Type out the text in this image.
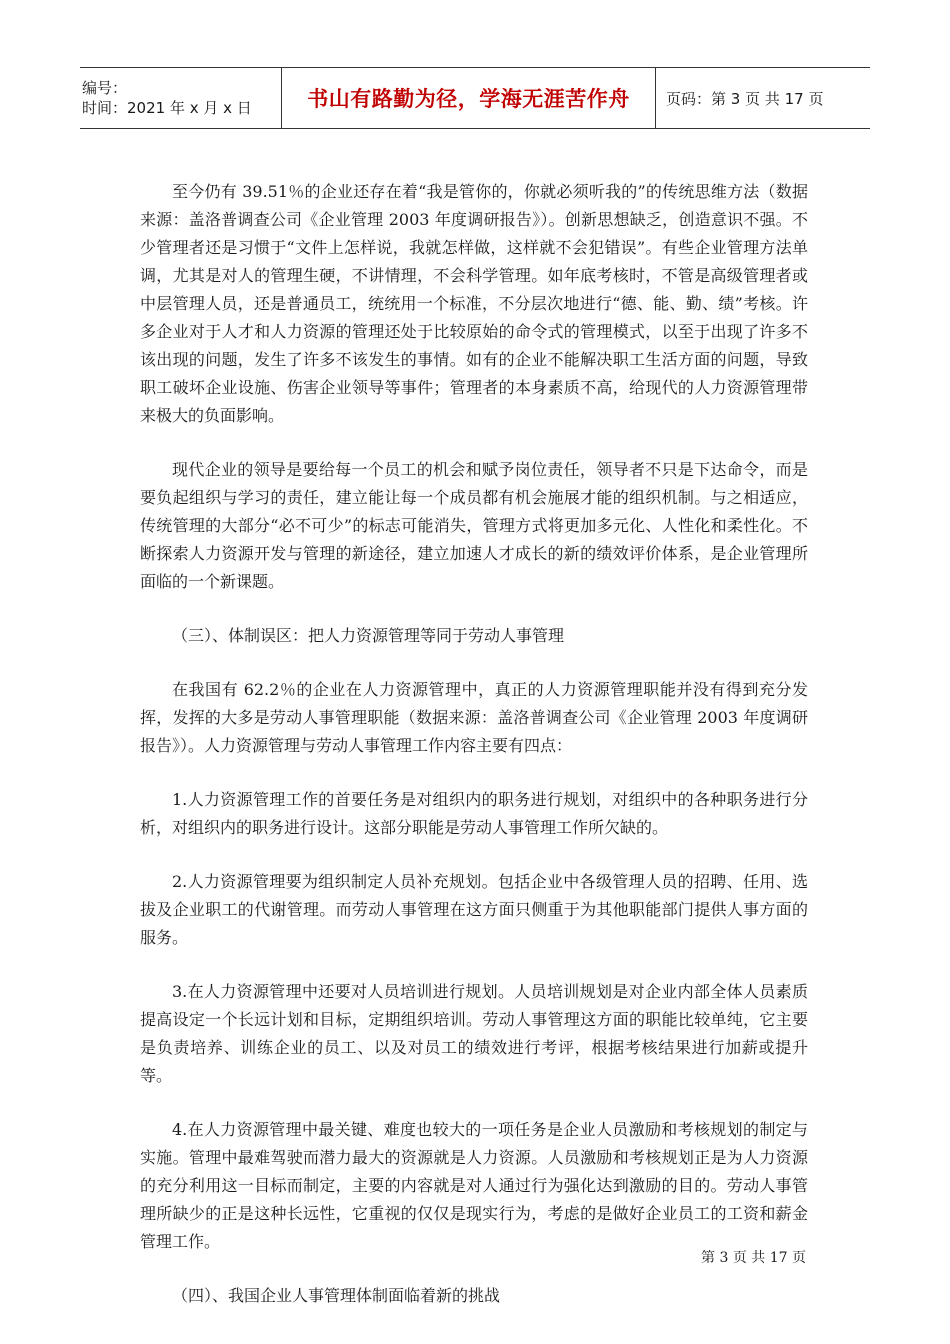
编号：
时间：2021 年 x 月 x 日	书山有路勤为径，学海无涯苦作舟 页码：第 3 页 共 17 页

至今仍有 39.51％的企业还存在着“我是管你的，你就必须听我的”的传统思维方法（数据来源：盖洛普调查公司《企业管理 2003 年度调研报告》）。创新思想缺乏，创造意识不强。不少管理者还是习惯于“文件上怎样说，我就怎样做，这样就不会犯错误”。有些企业管理方法单调，尤其是对人的管理生硬，不讲情理，不会科学管理。如年底考核时，不管是高级管理者或中层管理人员，还是普通员工，统统用一个标准，不分层次地进行“德、能、勤、绩”考核。许多企业对于人才和人力资源的管理还处于比较原始的命令式的管理模式，以至于出现了许多不该出现的问题，发生了许多不该发生的事情。如有的企业不能解决职工生活方面的问题，导致职工破坏企业设施、伤害企业领导等事件；管理者的本身素质不高，给现代的人力资源管理带来极大的负面影响。

现代企业的领导是要给每一个员工的机会和赋予岗位责任，领导者不只是下达命令，而是要负起组织与学习的责任，建立能让每一个成员都有机会施展才能的组织机制。与之相适应，传统管理的大部分“必不可少”的标志可能消失，管理方式将更加多元化、人性化和柔性化。不断探索人力资源开发与管理的新途径，建立加速人才成长的新的绩效评价体系，是企业管理所面临的一个新课题。

（三）、体制误区：把人力资源管理等同于劳动人事管理

在我国有 62.2％的企业在人力资源管理中，真正的人力资源管理职能并没有得到充分发挥，发挥的大多是劳动人事管理职能（数据来源：盖洛普调查公司《企业管理 2003 年度调研报告》）。人力资源管理与劳动人事管理工作内容主要有四点：

1.人力资源管理工作的首要任务是对组织内的职务进行规划，对组织中的各种职务进行分析，对组织内的职务进行设计。这部分职能是劳动人事管理工作所欠缺的。

2.人力资源管理要为组织制定人员补充规划。包括企业中各级管理人员的招聘、任用、选拔及企业职工的代谢管理。而劳动人事管理在这方面只侧重于为其他职能部门提供人事方面的服务。

3.在人力资源管理中还要对人员培训进行规划。人员培训规划是对企业内部全体人员素质提高设定一个长远计划和目标，定期组织培训。劳动人事管理这方面的职能比较单纯，它主要是负责培养、训练企业的员工、以及对员工的绩效进行考评，根据考核结果进行加薪或提升等。

4.在人力资源管理中最关键、难度也较大的一项任务是企业人员激励和考核规划的制定与实施。管理中最难驾驶而潜力最大的资源就是人力资源。人员激励和考核规划正是为人力资源的充分利用这一目标而制定，主要的内容就是对人通过行为强化达到激励的目的。劳动人事管理所缺少的正是这种长远性，它重视的仅仅是现实行为，考虑的是做好企业员工的工资和薪金管理工作。

（四）、我国企业人事管理体制面临着新的挑战

第 3 页 共 17 页
